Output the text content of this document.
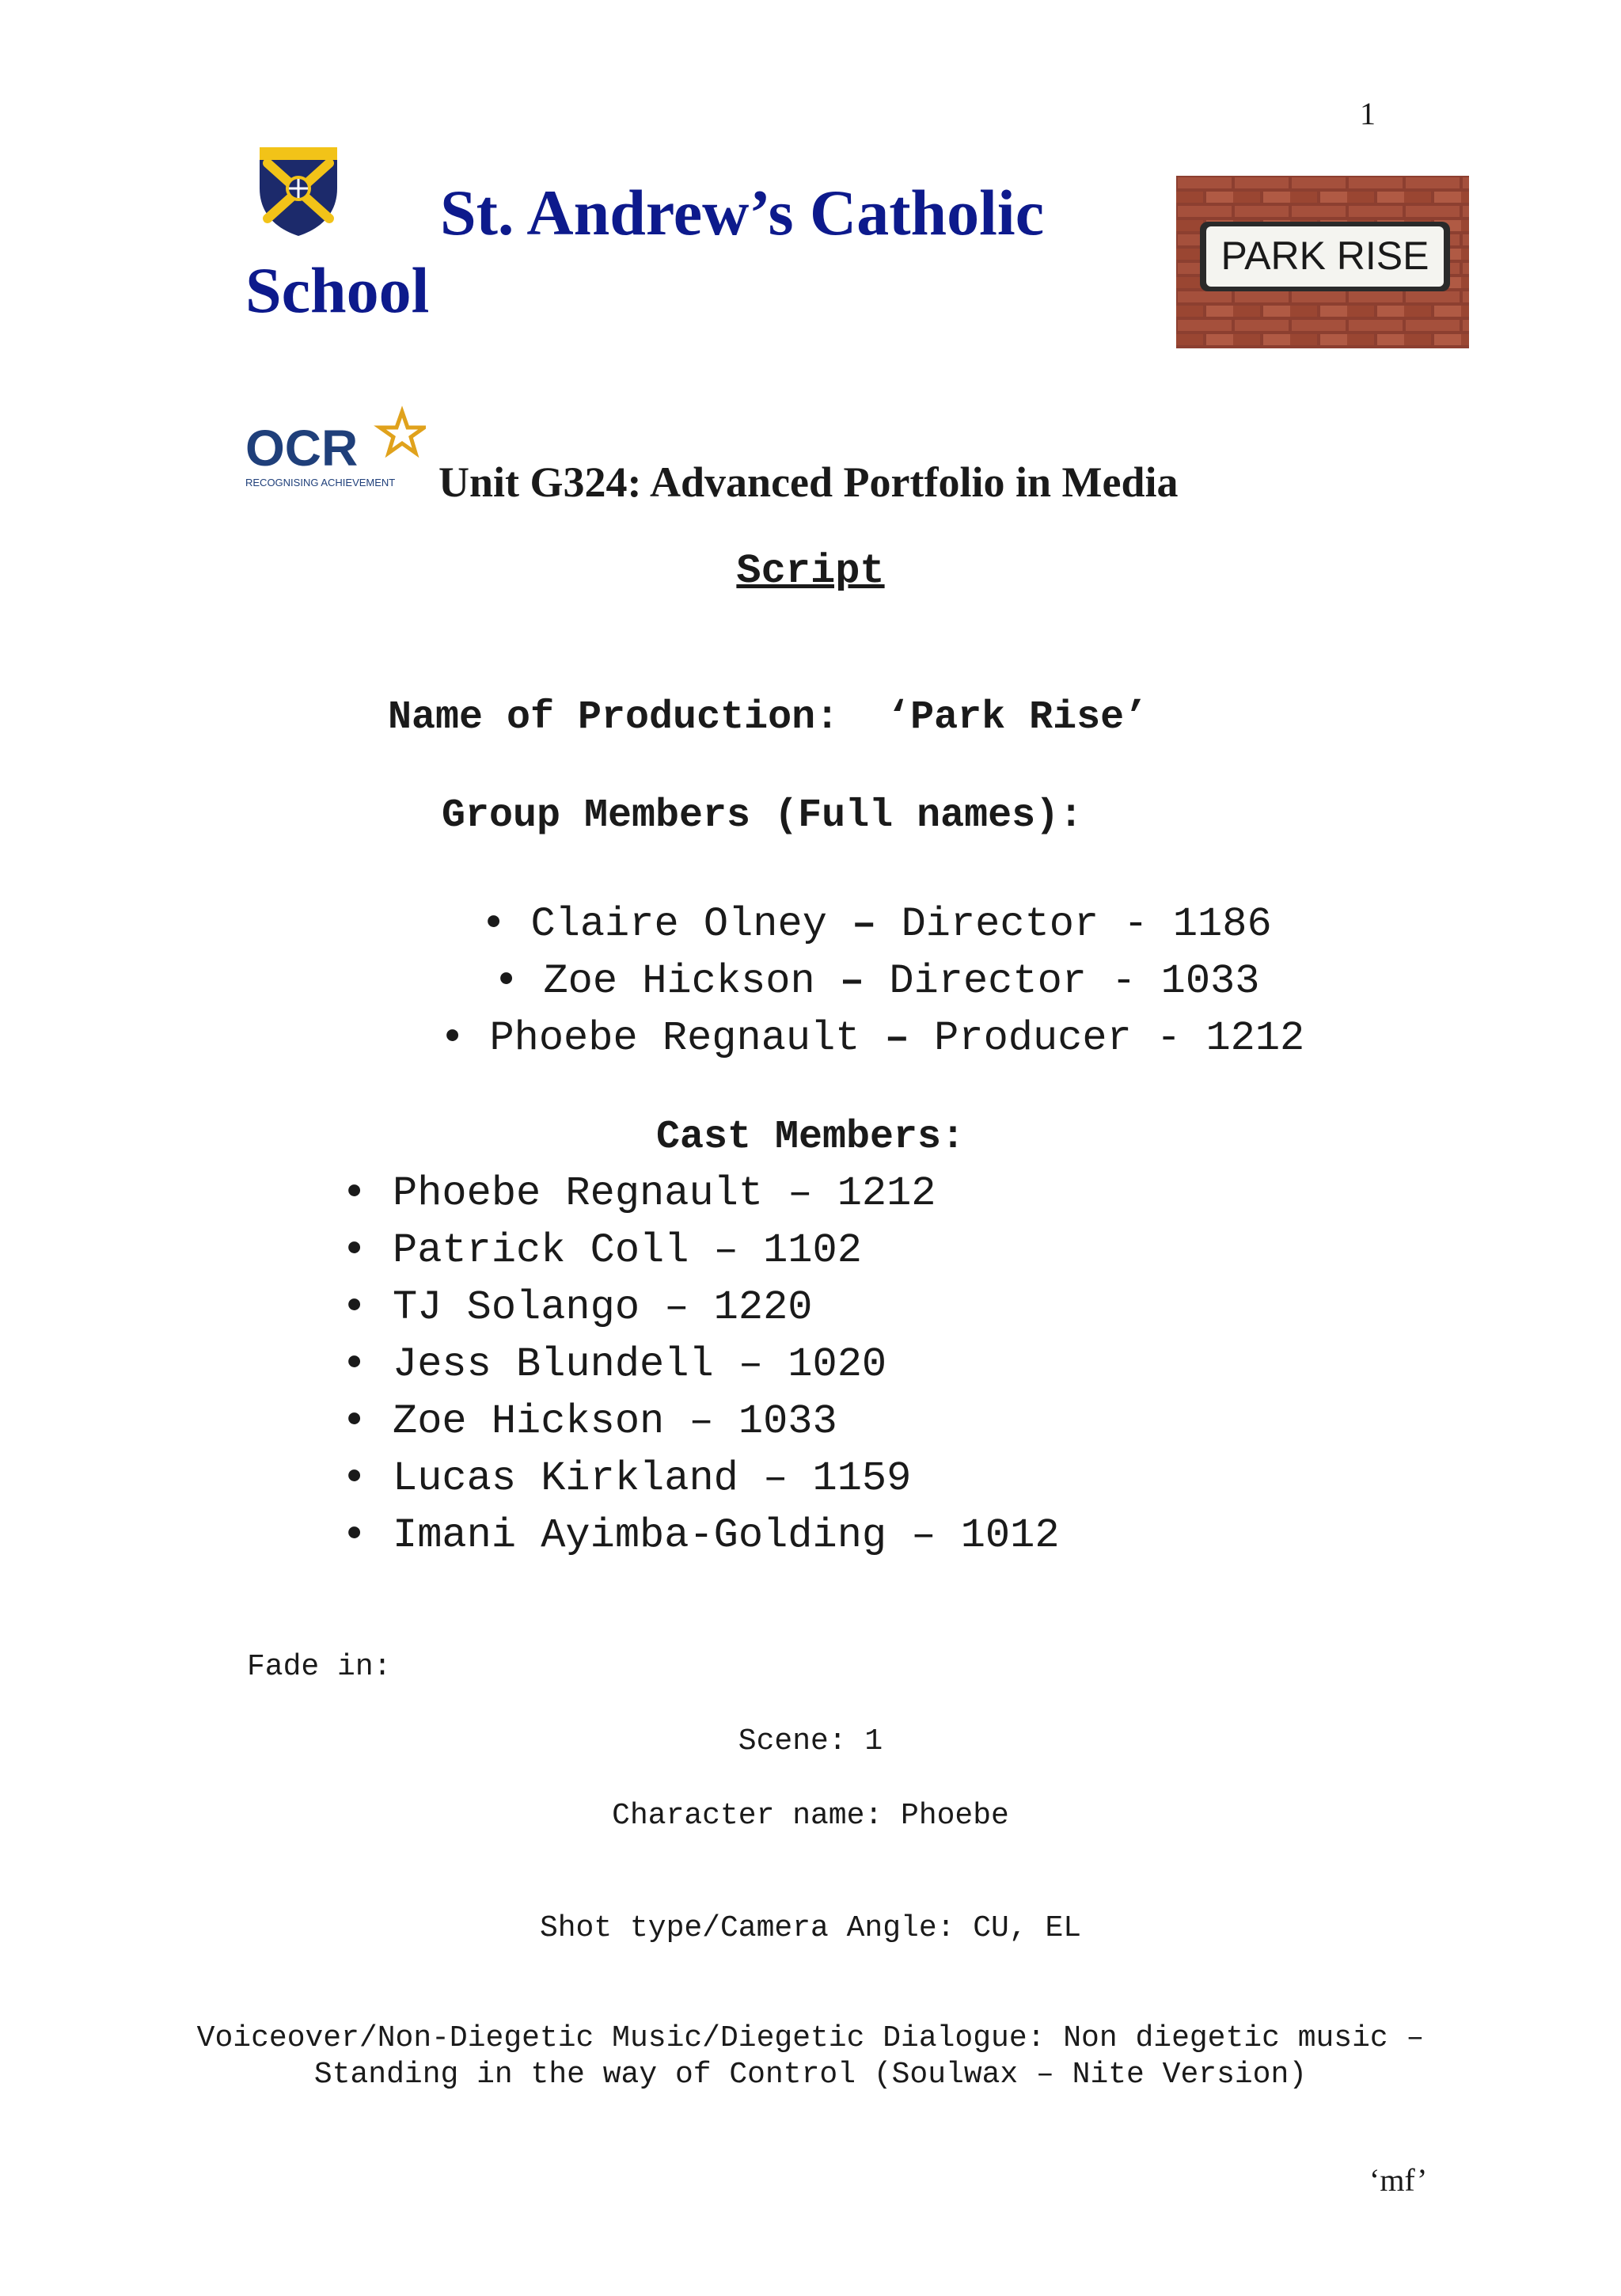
1
St. Andrew’s Catholic
School	PARK RISE
OCR
RECOGNISING ACHIEVEMENT Unit G324: Advanced Portfolio in Media
Script
Name of Production: ‘Park Rise’
Group Members (Full names):
• Claire Olney – Director - 1186
• Zoe Hickson – Director - 1033
• Phoebe Regnault – Producer - 1212
Cast Members:
• Phoebe Regnault – 1212
• Patrick Coll – 1102
• TJ Solango – 1220
• Jess Blundell – 1020
• Zoe Hickson – 1033
• Lucas Kirkland – 1159
• Imani Ayimba-Golding – 1012
Fade in:
Scene: 1
Character name: Phoebe
Shot type/Camera Angle: CU, EL
Voiceover/Non-Diegetic Music/Diegetic Dialogue: Non diegetic music –
Standing in the way of Control (Soulwax – Nite Version)
‘mf’
